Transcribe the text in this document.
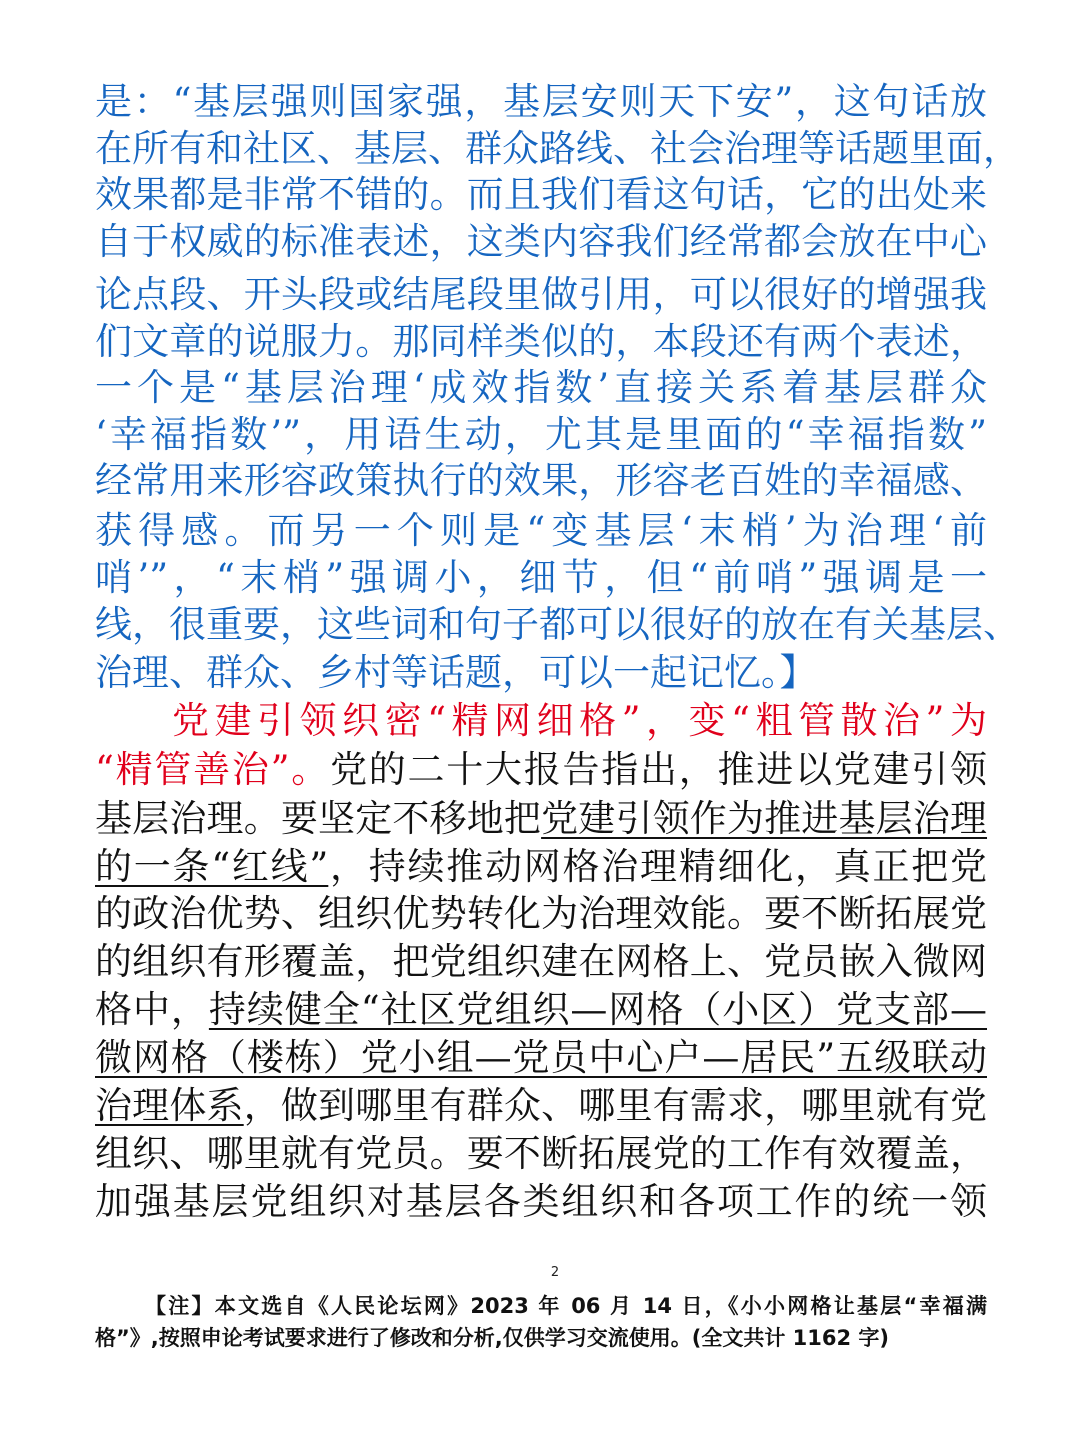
是：“基层强则国家强，基层安则天下安”，这句话放
在所有和社区、基层、群众路线、社会治理等话题里面，
效果都是非常不错的。而且我们看这句话，它的出处来
自于权威的标准表述，这类内容我们经常都会放在中心
论点段、开头段或结尾段里做引用，可以很好的增强我
们文章的说服力。那同样类似的，本段还有两个表述，
一个是“基层治理‘成效指数’直接关系着基层群众
‘幸福指数’”，用语生动，尤其是里面的“幸福指数”
经常用来形容政策执行的效果，形容老百姓的幸福感、
获得感。而另一个则是“变基层‘末梢’为治理‘前
哨’”，“末梢”强调小，细节，但“前哨”强调是一
线，很重要，这些词和句子都可以很好的放在有关基层、
治理、群众、乡村等话题，可以一起记忆。】
党建引领织密“精网细格”，变“粗管散治”为
“精管善治”。党的二十大报告指出，推进以党建引领
基层治理。要坚定不移地把党建引领作为推进基层治理
的一条“红线”，持续推动网格治理精细化，真正把党
的政治优势、组织优势转化为治理效能。要不断拓展党
的组织有形覆盖，把党组织建在网格上、党员嵌入微网
格中，持续健全“社区党组织—网格（小区）党支部—
微网格（楼栋）党小组—党员中心户—居民”五级联动
治理体系，做到哪里有群众、哪里有需求，哪里就有党
组织、哪里就有党员。要不断拓展党的工作有效覆盖，
加强基层党组织对基层各类组织和各项工作的统一领
2
【注】本文选自《人民论坛网》2023 年 06 月 14 日，《小小网格让基层“幸福满
格”》,按照申论考试要求进行了修改和分析,仅供学习交流使用。(全文共计 1162 字)
